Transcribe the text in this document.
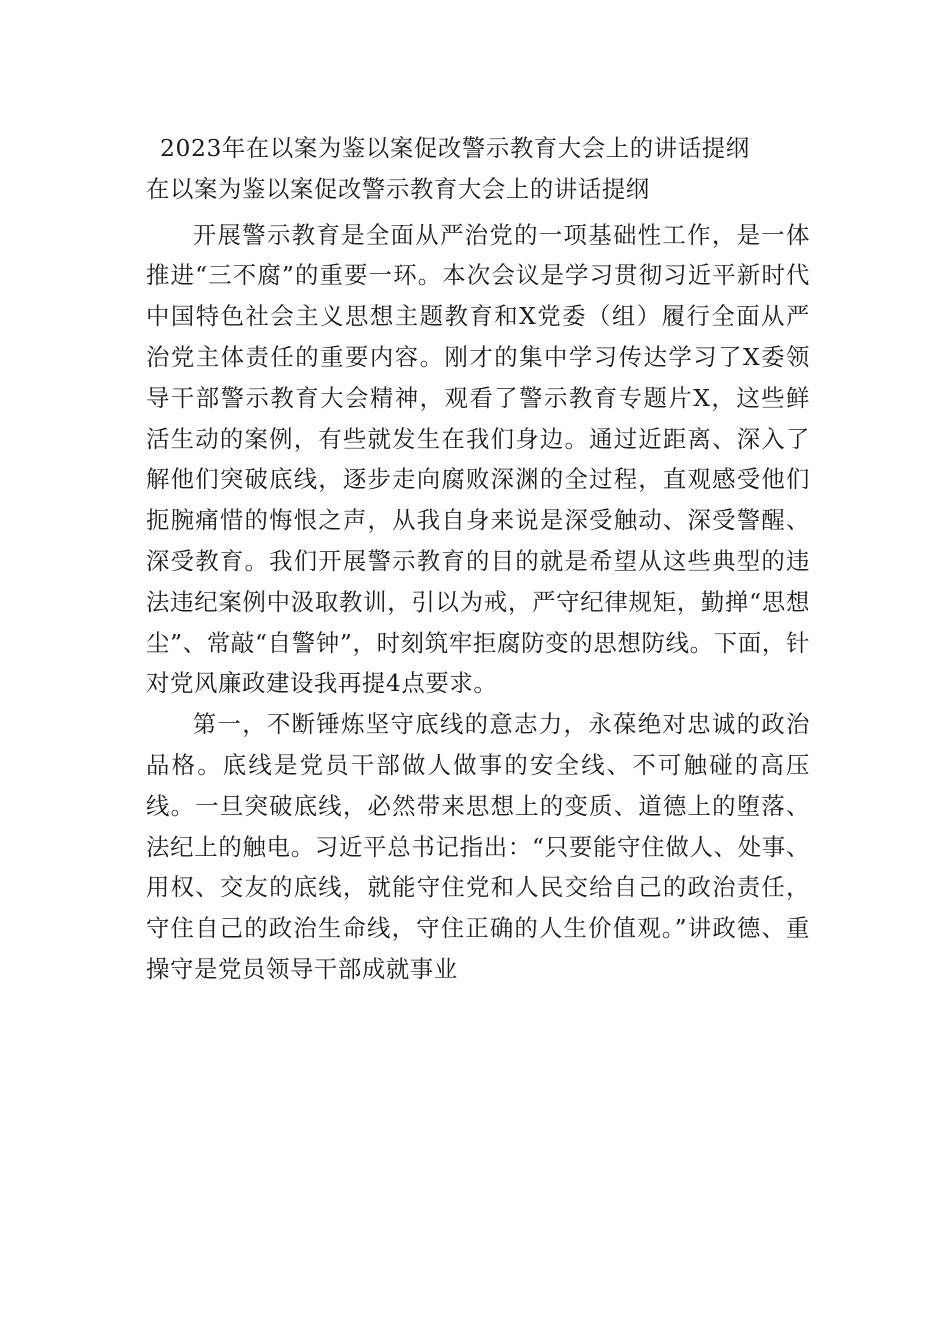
2023年在以案为鉴以案促改警示教育大会上的讲话提纲
在以案为鉴以案促改警示教育大会上的讲话提纲

开展警示教育是全面从严治党的一项基础性工作，是一体推进“三不腐”的重要一环。本次会议是学习贯彻习近平新时代中国特色社会主义思想主题教育和X党委（组）履行全面从严治党主体责任的重要内容。刚才的集中学习传达学习了X委领导干部警示教育大会精神，观看了警示教育专题片X，这些鲜活生动的案例，有些就发生在我们身边。通过近距离、深入了解他们突破底线，逐步走向腐败深渊的全过程，直观感受他们扼腕痛惜的悔恨之声，从我自身来说是深受触动、深受警醒、深受教育。我们开展警示教育的目的就是希望从这些典型的违法违纪案例中汲取教训，引以为戒，严守纪律规矩，勤掸“思想尘”、常敲“自警钟”，时刻筑牢拒腐防变的思想防线。下面，针对党风廉政建设我再提4点要求。

第一，不断锤炼坚守底线的意志力，永葆绝对忠诚的政治品格。底线是党员干部做人做事的安全线、不可触碰的高压线。一旦突破底线，必然带来思想上的变质、道德上的堕落、法纪上的触电。习近平总书记指出：“只要能守住做人、处事、用权、交友的底线，就能守住党和人民交给自己的政治责任，守住自己的政治生命线，守住正确的人生价值观。”讲政德、重操守是党员领导干部成就事业
